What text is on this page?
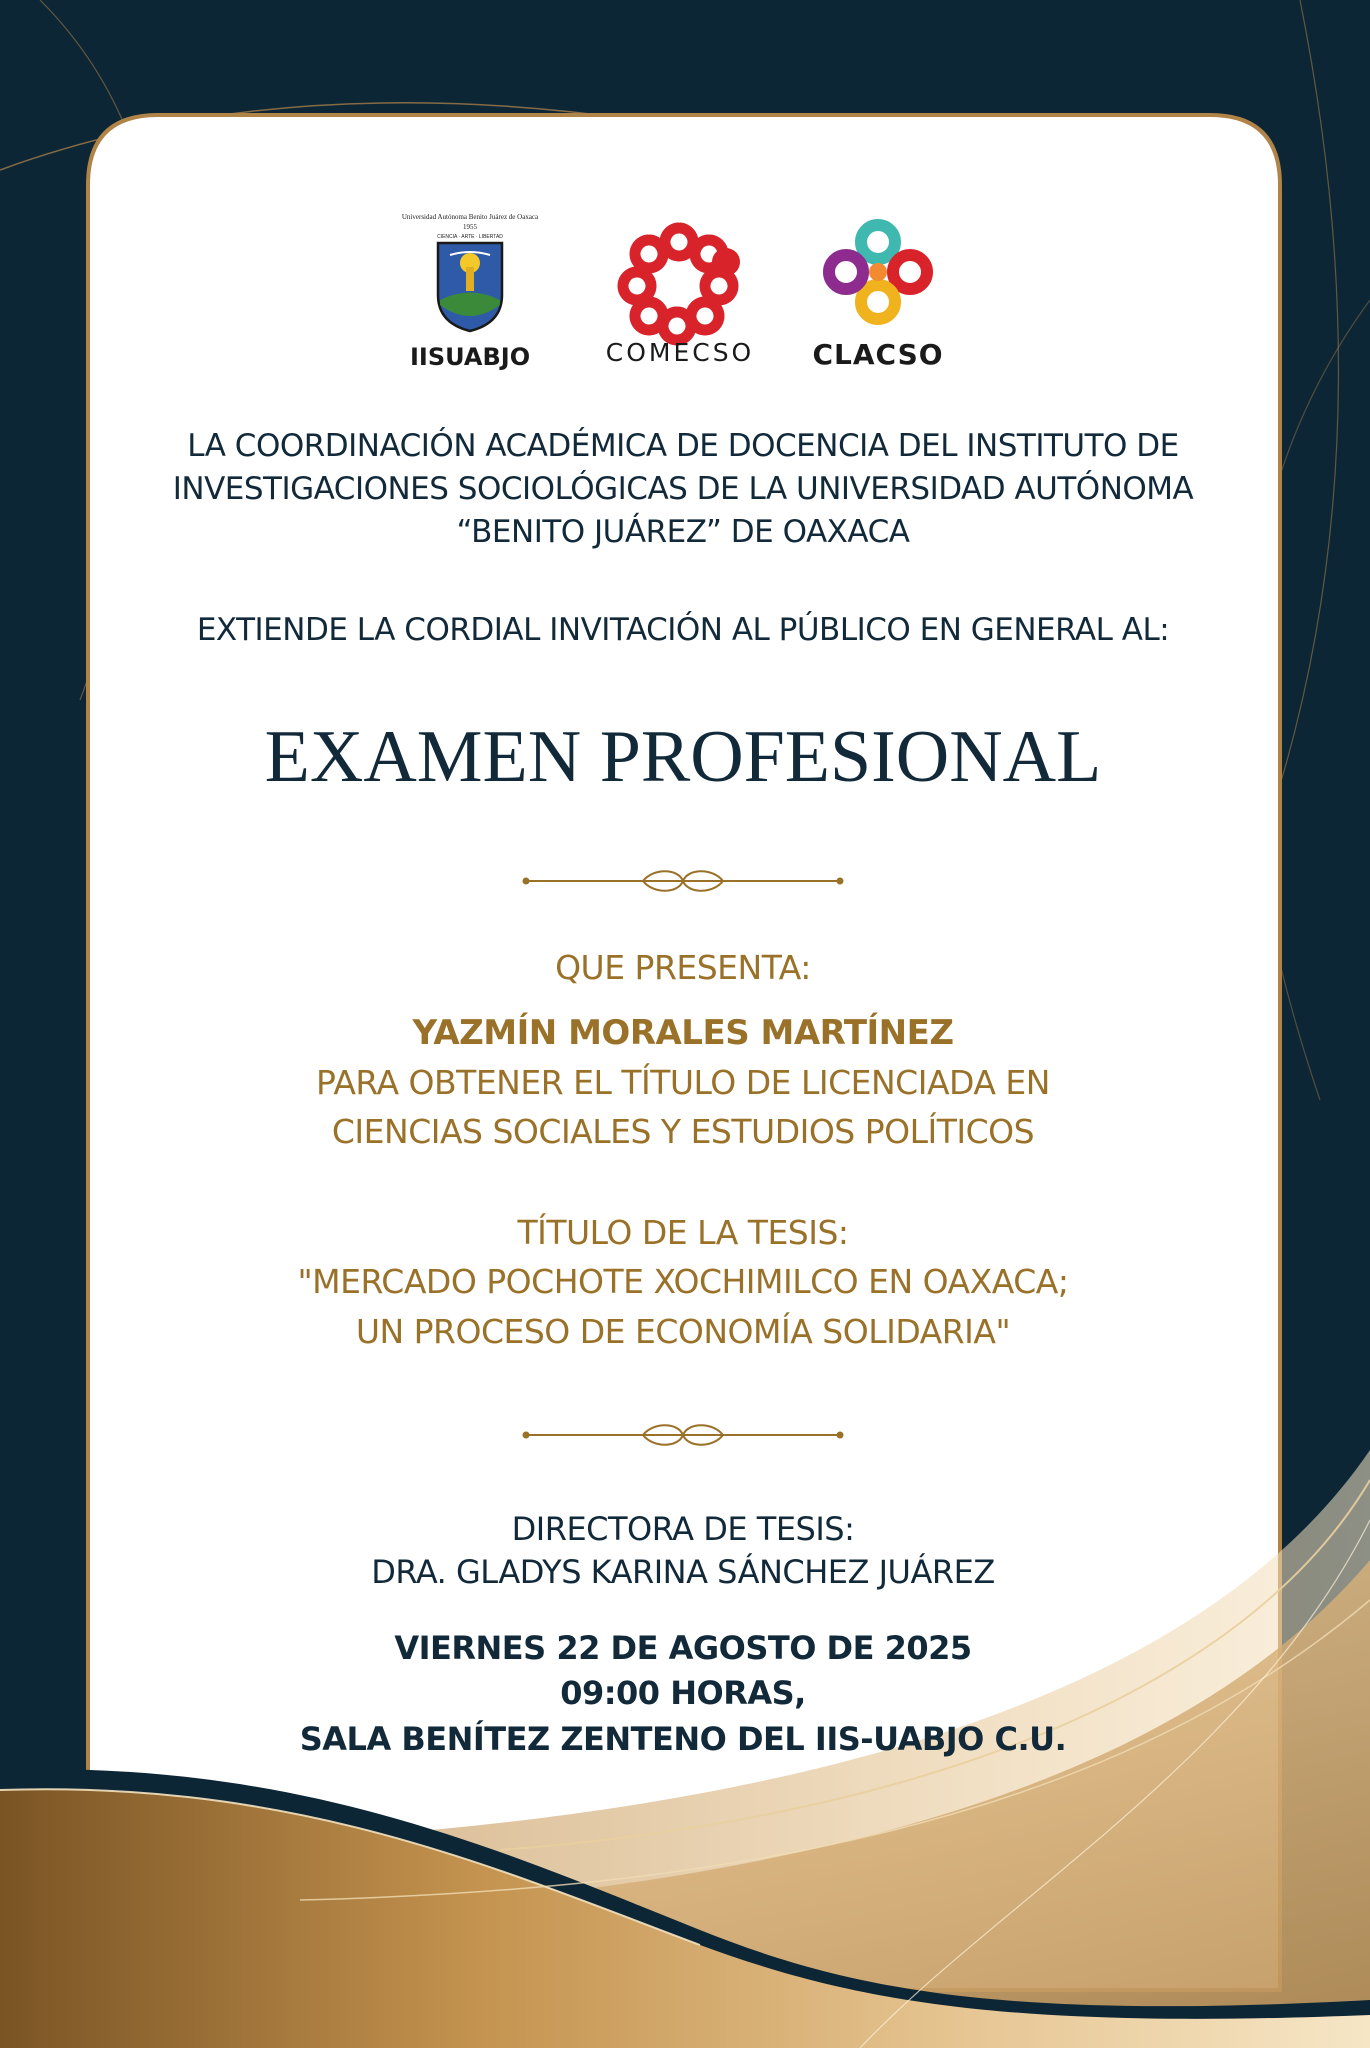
Universidad Autónoma Benito Juárez de Oaxaca
1955
CIENCIA · ARTE · LIBERTAD
IISUABJO	COMECSO	CLACSO
LA COORDINACIÓN ACADÉMICA DE DOCENCIA DEL INSTITUTO DE
INVESTIGACIONES SOCIOLÓGICAS DE LA UNIVERSIDAD AUTÓNOMA
“BENITO JUÁREZ” DE OAXACA
EXTIENDE LA CORDIAL INVITACIÓN AL PÚBLICO EN GENERAL AL:
EXAMEN PROFESIONAL
QUE PRESENTA:
YAZMÍN MORALES MARTÍNEZ
PARA OBTENER EL TÍTULO DE LICENCIADA EN
CIENCIAS SOCIALES Y ESTUDIOS POLÍTICOS
TÍTULO DE LA TESIS:
"MERCADO POCHOTE XOCHIMILCO EN OAXACA;
UN PROCESO DE ECONOMÍA SOLIDARIA"
DIRECTORA DE TESIS:
DRA. GLADYS KARINA SÁNCHEZ JUÁREZ
VIERNES 22 DE AGOSTO DE 2025
09:00 HORAS,
SALA BENÍTEZ ZENTENO DEL IIS-UABJO C.U.
